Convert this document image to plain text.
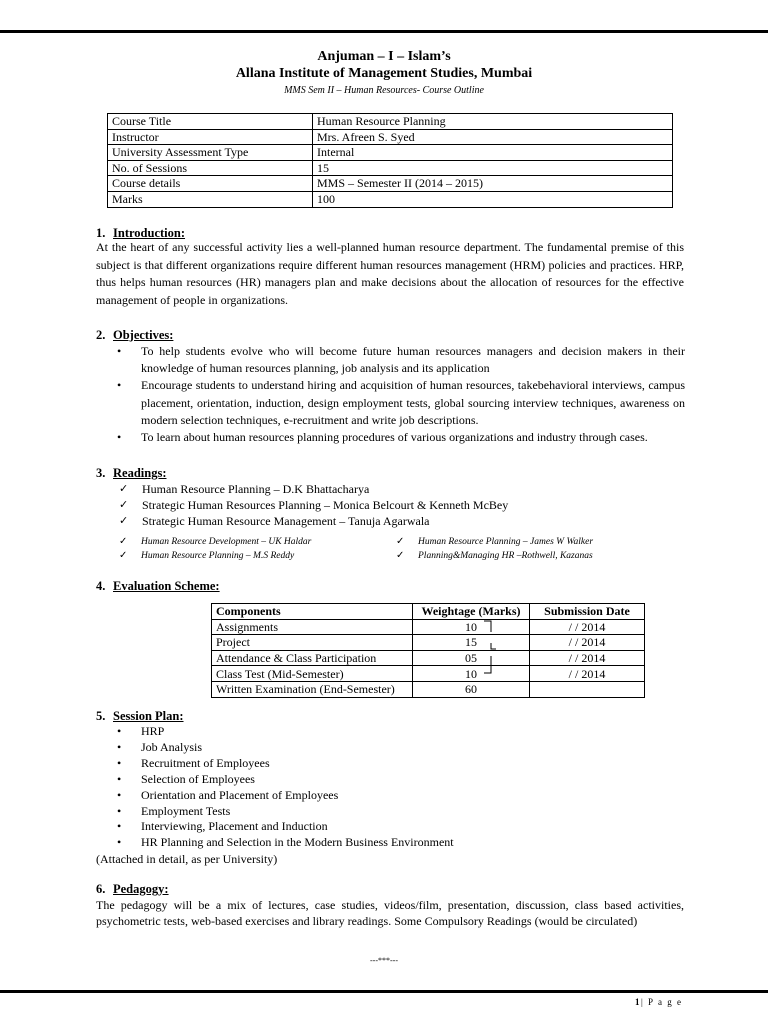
Anjuman – I – Islam’s
Allana Institute of Management Studies, Mumbai
MMS Sem II – Human Resources- Course Outline
Course Title	Human Resource Planning
Instructor	Mrs. Afreen S. Syed
University Assessment Type	Internal
No. of Sessions	15
Course details	MMS – Semester II (2014 – 2015)
Marks	100
1. Introduction:
At the heart of any successful activity lies a well-planned human resource department. The fundamental premise of this subject is that different organizations require different human resources management (HRM) policies and practices. HRP, thus helps human resources (HR) managers plan and make decisions about the allocation of resources for the effective management of people in organizations.
2. Objectives:
• To help students evolve who will become future human resources managers and decision makers in their knowledge of human resources planning, job analysis and its application
• Encourage students to understand hiring and acquisition of human resources, takebehavioral interviews, campus placement, orientation, induction, design employment tests, global sourcing interview techniques, awareness on modern selection techniques, e-recruitment and write job descriptions.
• To learn about human resources planning procedures of various organizations and industry through cases.
3. Readings:
✓ Human Resource Planning – D.K Bhattacharya
✓ Strategic Human Resources Planning – Monica Belcourt & Kenneth McBey
✓ Strategic Human Resource Management – Tanuja Agarwala
✓ Human Resource Development – UK Haldar
✓ Human Resource Planning – M.S Reddy
✓ Human Resource Planning – James W Walker
✓ Planning&Managing HR –Rothwell, Kazanas
4. Evaluation Scheme:
Components	Weightage (Marks)	Submission Date
Assignments	10	/ / 2014
Project	15	/ / 2014
Attendance & Class Participation	05	/ / 2014
Class Test (Mid-Semester)	10	/ / 2014
Written Examination (End-Semester)	60	
5. Session Plan:
• HRP
• Job Analysis
• Recruitment of Employees
• Selection of Employees
• Orientation and Placement of Employees
• Employment Tests
• Interviewing, Placement and Induction
• HR Planning and Selection in the Modern Business Environment
(Attached in detail, as per University)
6. Pedagogy:
The pedagogy will be a mix of lectures, case studies, videos/film, presentation, discussion, class based activities, psychometric tests, web-based exercises and library readings. Some Compulsory Readings (would be circulated)
---***---
1| P a g e
